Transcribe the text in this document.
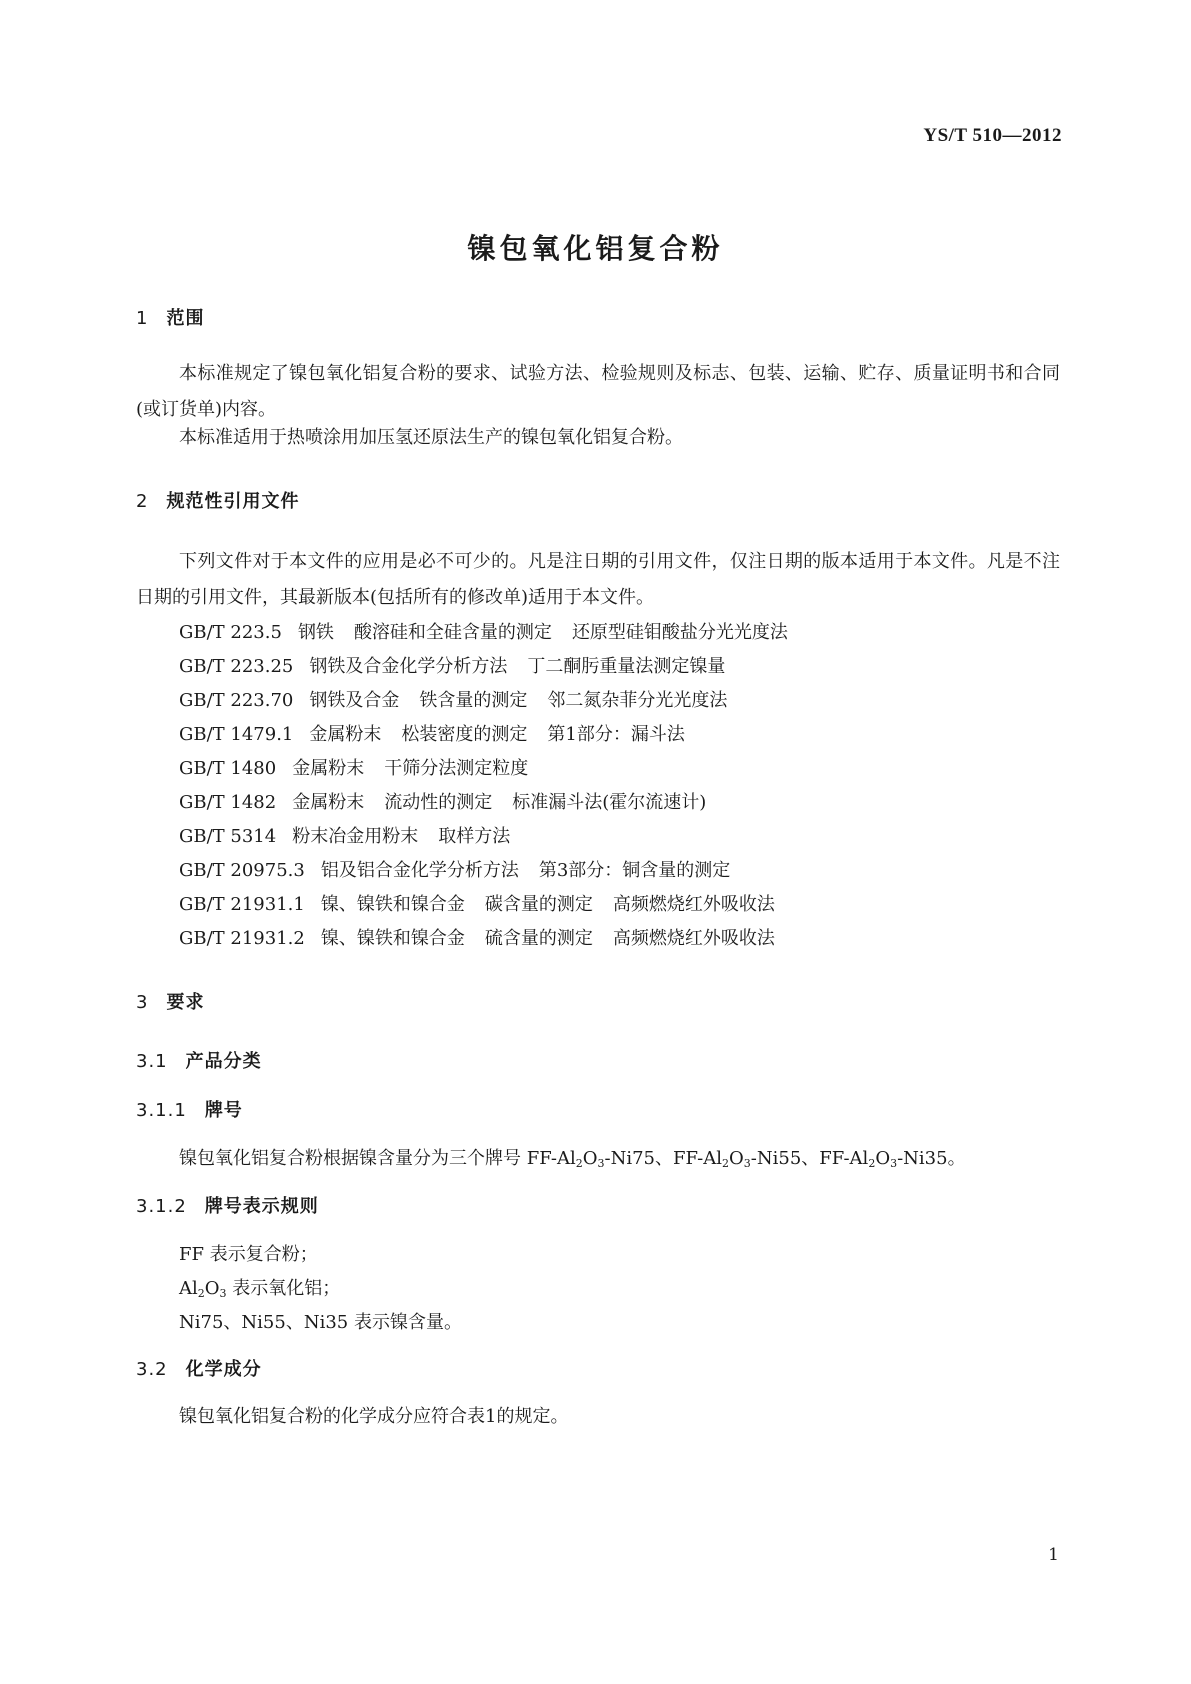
YS/T 510—2012
镍包氧化铝复合粉
1 范围

本标准规定了镍包氧化铝复合粉的要求、试验方法、检验规则及标志、包装、运输、贮存、质量证明书和合同(或订货单)内容。

本标准适用于热喷涂用加压氢还原法生产的镍包氧化铝复合粉。

2 规范性引用文件

下列文件对于本文件的应用是必不可少的。凡是注日期的引用文件，仅注日期的版本适用于本文件。凡是不注日期的引用文件，其最新版本(包括所有的修改单)适用于本文件。

GB/T 223.5 钢铁 酸溶硅和全硅含量的测定 还原型硅钼酸盐分光光度法

GB/T 223.25 钢铁及合金化学分析方法 丁二酮肟重量法测定镍量

GB/T 223.70 钢铁及合金 铁含量的测定 邻二氮杂菲分光光度法

GB/T 1479.1 金属粉末 松装密度的测定 第1部分：漏斗法

GB/T 1480 金属粉末 干筛分法测定粒度

GB/T 1482 金属粉末 流动性的测定 标准漏斗法(霍尔流速计)

GB/T 5314 粉末冶金用粉末 取样方法

GB/T 20975.3 铝及铝合金化学分析方法 第3部分：铜含量的测定

GB/T 21931.1 镍、镍铁和镍合金 碳含量的测定 高频燃烧红外吸收法

GB/T 21931.2 镍、镍铁和镍合金 硫含量的测定 高频燃烧红外吸收法

3 要求
3.1 产品分类
3.1.1 牌号

镍包氧化铝复合粉根据镍含量分为三个牌号 $FF-Al_2O_3-Ni75$、$FF-Al_2O_3-Ni55$、$FF-Al_2O_3-Ni35$。

3.1.2 牌号表示规则

FF 表示复合粉；

$Al_2O_3$ 表示氧化铝；

Ni75、Ni55、Ni35 表示镍含量。

3.2 化学成分

镍包氧化铝复合粉的化学成分应符合表1的规定。

1
